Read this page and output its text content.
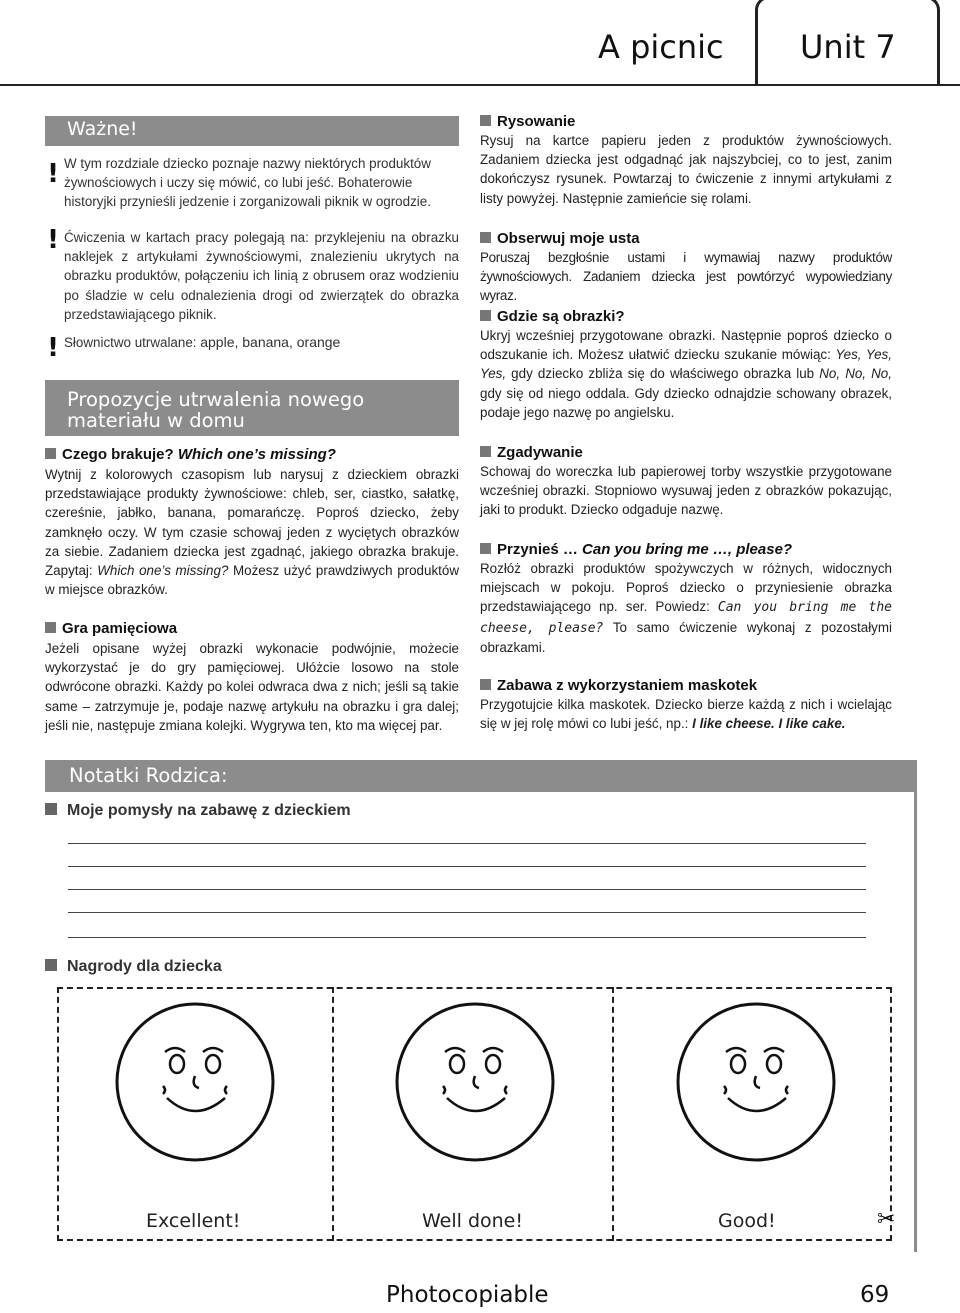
A picnic Unit 7
Ważne!
! W tym rozdziale dziecko poznaje nazwy niektórych produktów żywnościowych i uczy się mówić, co lubi jeść. Bohaterowie historyjki przynieśli jedzenie i zorganizowali piknik w ogrodzie.
! Ćwiczenia w kartach pracy polegają na: przyklejeniu na obrazku naklejek z artykułami żywnościowymi, znalezieniu ukrytych na obrazku produktów, połączeniu ich linią z obrusem oraz wodzieniu po śladzie w celu odnalezienia drogi od zwierzątek do obrazka przedstawiającego piknik.
! Słownictwo utrwalane: apple, banana, orange
Propozycje utrwalenia nowego
materiału w domu
Czego brakuje? Which one’s missing?
Wytnij z kolorowych czasopism lub narysuj z dzieckiem obrazki przedstawiające produkty żywnościowe: chleb, ser, ciastko, sałatkę, czereśnie, jabłko, banana, pomarańczę. Poproś dziecko, żeby zamknęło oczy. W tym czasie schowaj jeden z wyciętych obrazków za siebie. Zadaniem dziecka jest zgadnąć, jakiego obrazka brakuje. Zapytaj: Which one’s missing? Możesz użyć prawdziwych produktów w miejsce obrazków.
Gra pamięciowa
Jeżeli opisane wyżej obrazki wykonacie podwójnie, możecie wykorzystać je do gry pamięciowej. Ułóżcie losowo na stole odwrócone obrazki. Każdy po kolei odwraca dwa z nich; jeśli są takie same – zatrzymuje je, podaje nazwę artykułu na obrazku i gra dalej; jeśli nie, następuje zmiana kolejki. Wygrywa ten, kto ma więcej par.
Rysowanie
Rysuj na kartce papieru jeden z produktów żywnościowych. Zadaniem dziecka jest odgadnąć jak najszybciej, co to jest, zanim dokończysz rysunek. Powtarzaj to ćwiczenie z innymi artykułami z listy powyżej. Następnie zamieńcie się rolami.
Obserwuj moje usta
Poruszaj bezgłośnie ustami i wymawiaj nazwy produktów żywnościowych. Zadaniem dziecka jest powtórzyć wypowiedziany wyraz.
Gdzie są obrazki?
Ukryj wcześniej przygotowane obrazki. Następnie poproś dziecko o odszukanie ich. Możesz ułatwić dziecku szukanie mówiąc: Yes, Yes, Yes, gdy dziecko zbliża się do właściwego obrazka lub No, No, No, gdy się od niego oddala. Gdy dziecko odnajdzie schowany obrazek, podaje jego nazwę po angielsku.
Zgadywanie
Schowaj do woreczka lub papierowej torby wszystkie przygotowane wcześniej obrazki. Stopniowo wysuwaj jeden z obrazków pokazując, jaki to produkt. Dziecko odgaduje nazwę.
Przynieś … Can you bring me …, please?
Rozłóż obrazki produktów spożywczych w różnych, widocznych miejscach w pokoju. Poproś dziecko o przyniesienie obrazka przedstawiającego np. ser. Powiedz: Can you bring me the cheese, please? To samo ćwiczenie wykonaj z pozostałymi obrazkami.
Zabawa z wykorzystaniem maskotek
Przygotujcie kilka maskotek. Dziecko bierze każdą z nich i wcielając się w jej rolę mówi co lubi jeść, np.: I like cheese. I like cake.
Notatki Rodzica:
Moje pomysły na zabawę z dzieckiem
Nagrody dla dziecka
Excellent!	Well done!	Good!	✂
Photocopiable	69
